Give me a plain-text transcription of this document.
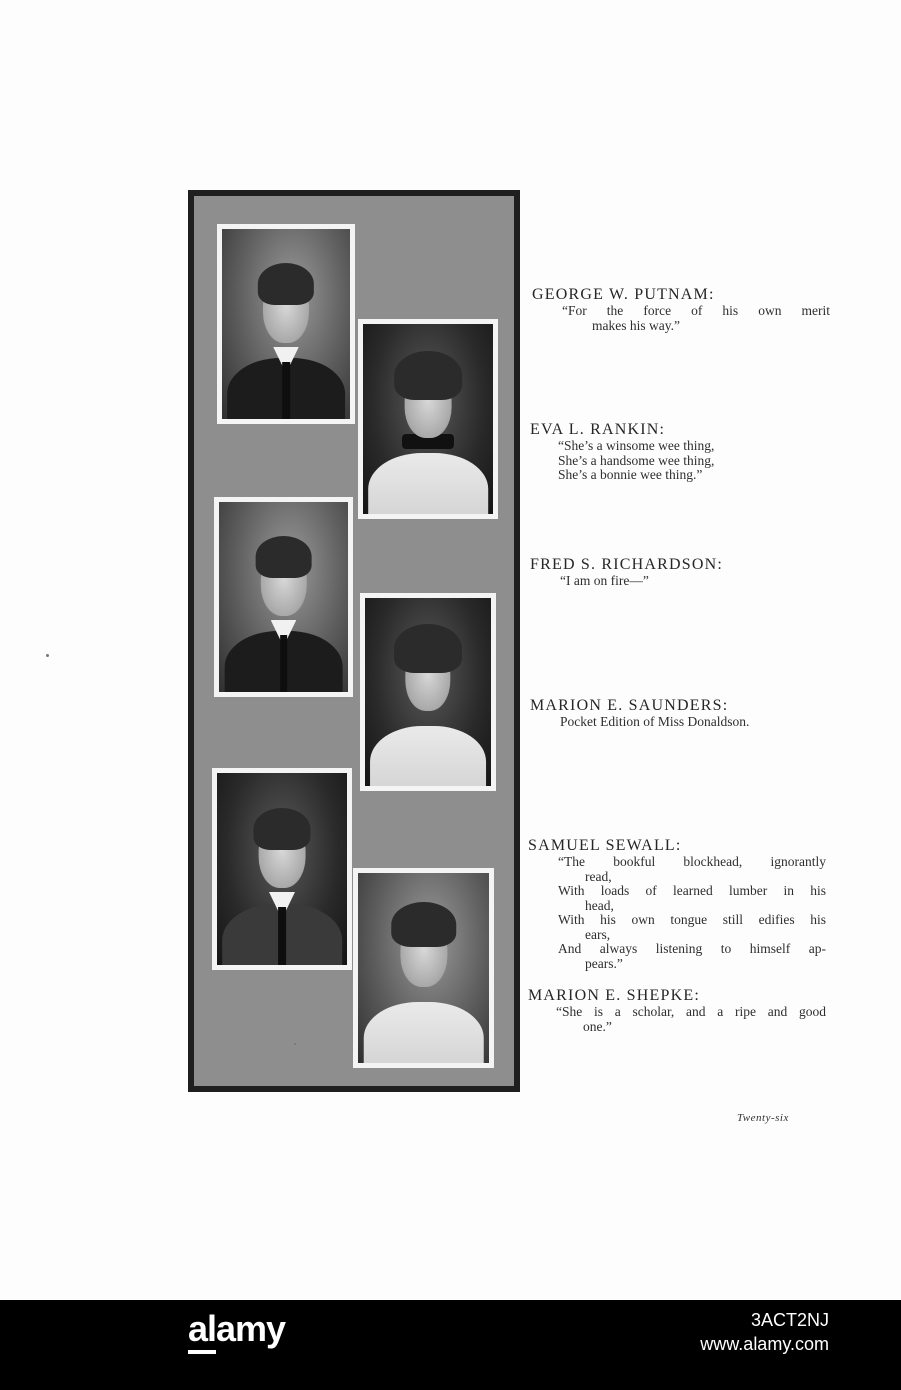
GEORGE W. PUTNAM:
“For the force of his own merit
makes his way.”
EVA L. RANKIN:
“She’s a winsome wee thing,
She’s a handsome wee thing,
She’s a bonnie wee thing.”
FRED S. RICHARDSON:
“I am on fire—”
MARION E. SAUNDERS:
Pocket Edition of Miss Donaldson.
SAMUEL SEWALL:
“The bookful blockhead, ignorantly
read,
With loads of learned lumber in his
head,
With his own tongue still edifies his
ears,
And always listening to himself ap-
pears.”
MARION E. SHEPKE:
“She is a scholar, and a ripe and good
one.”
Twenty-six
alamy	3ACT2NJ
www.alamy.com
